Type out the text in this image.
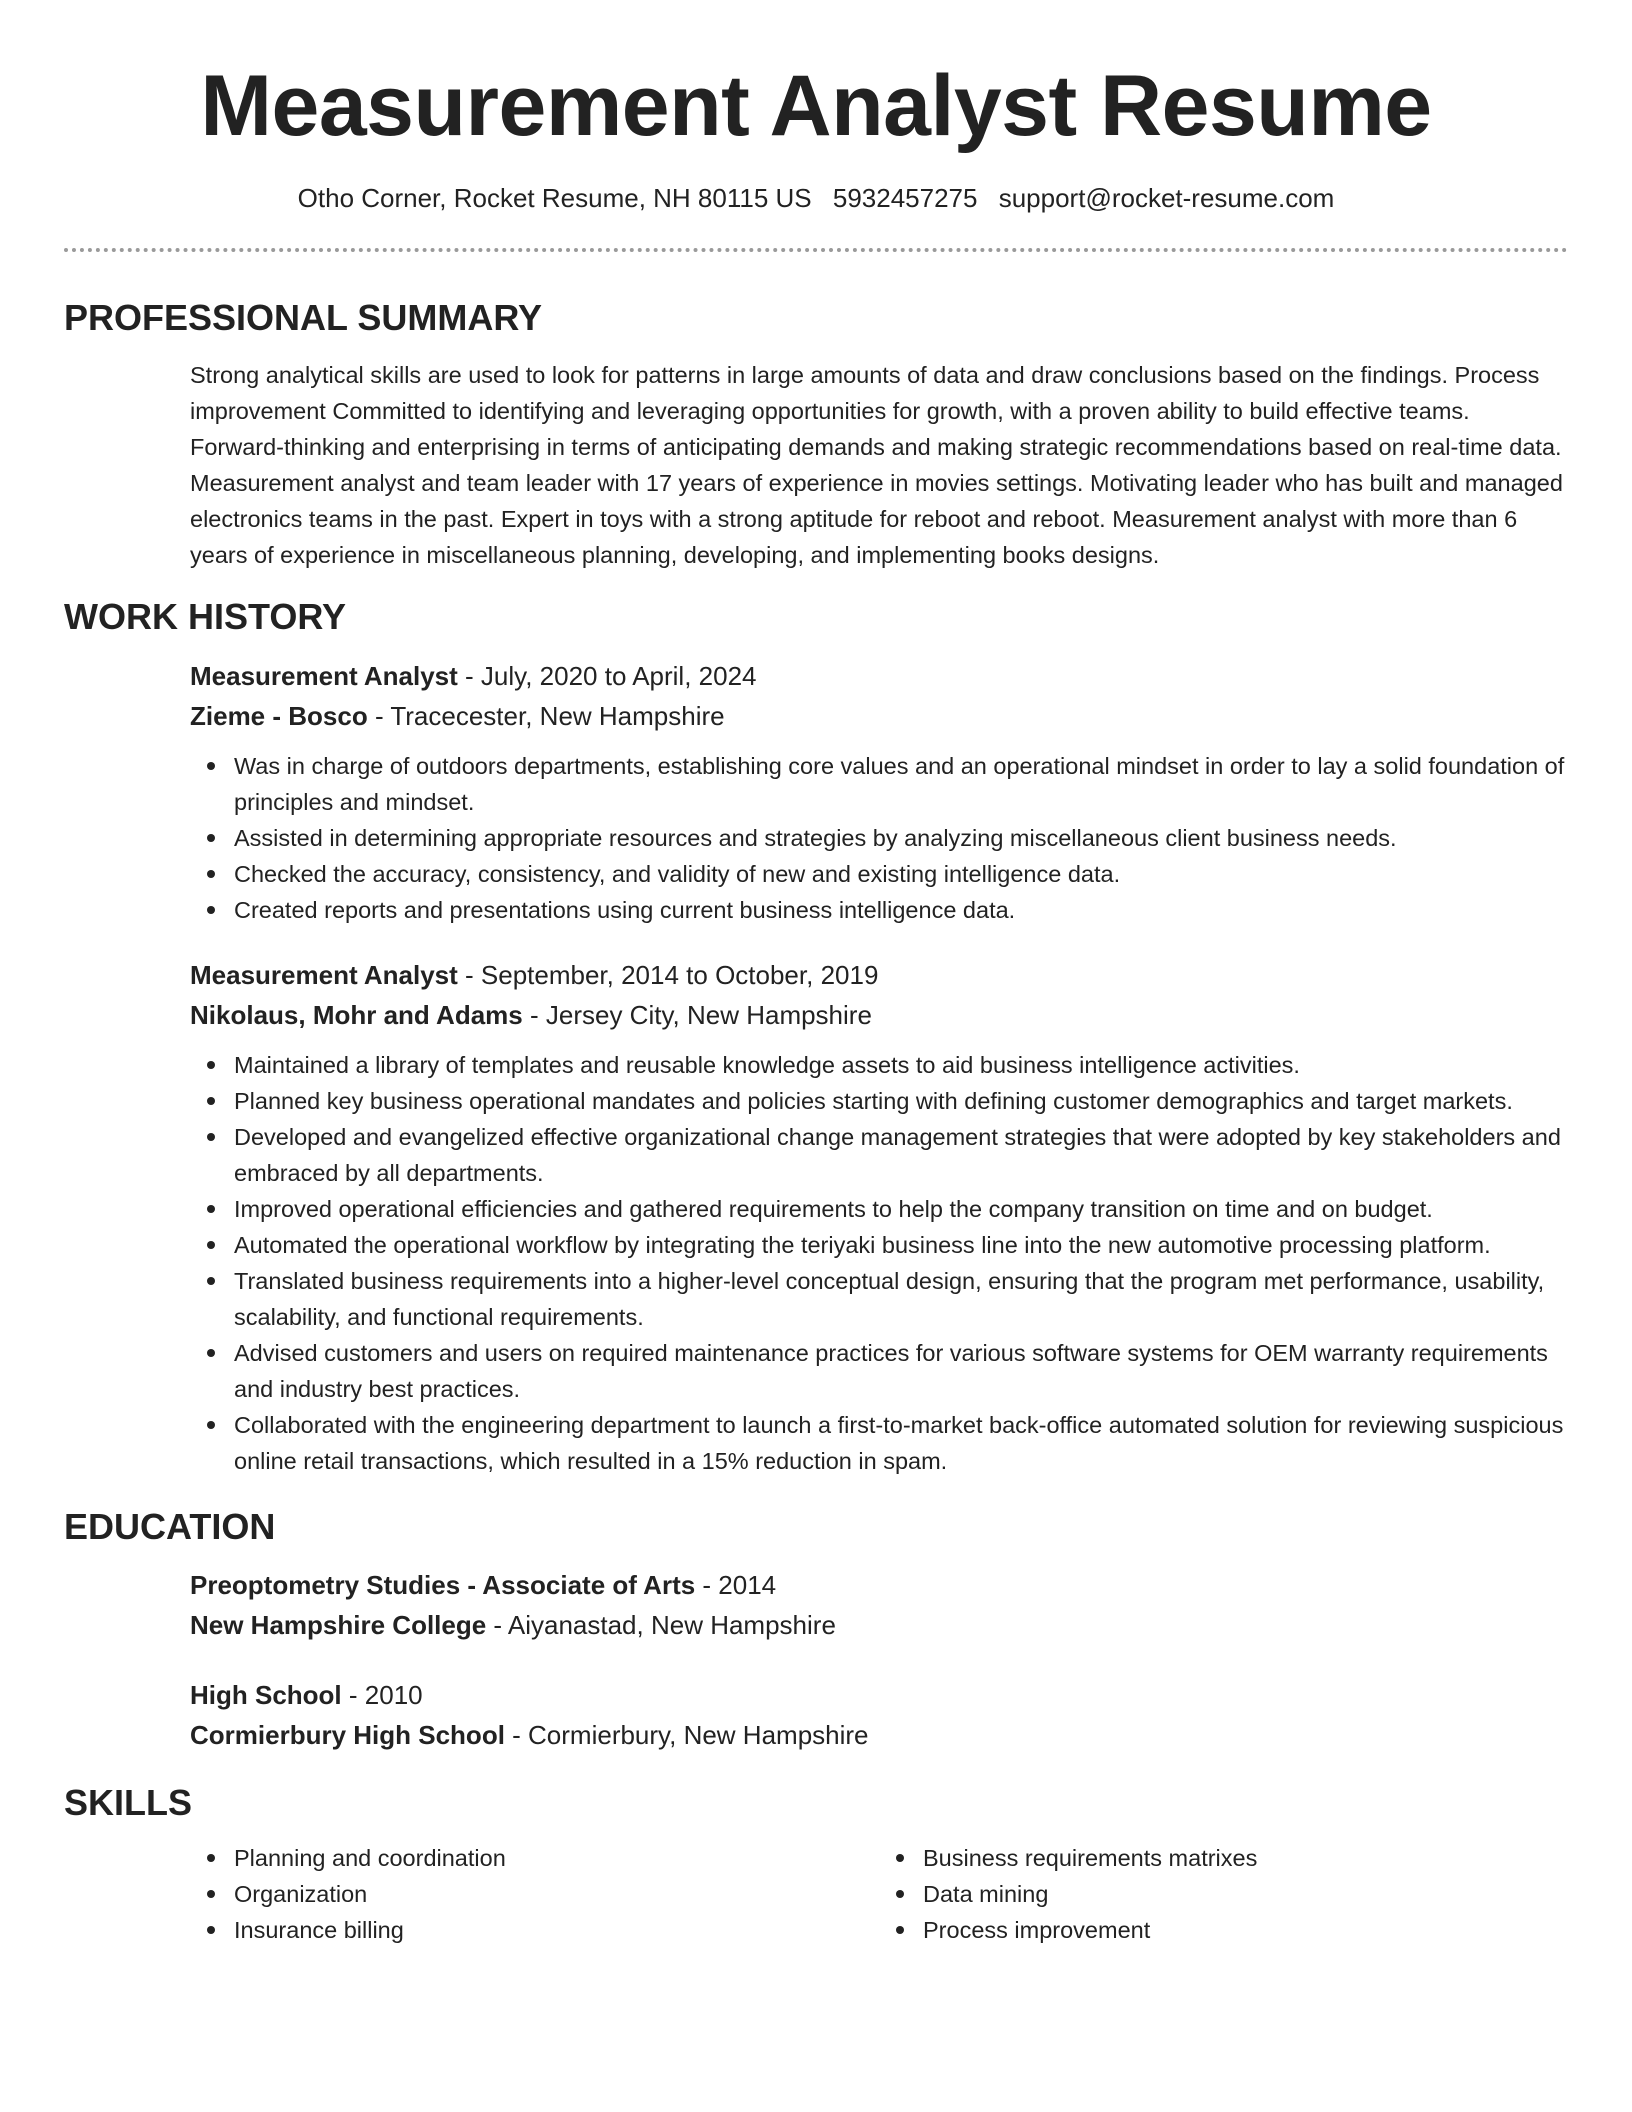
Measurement Analyst Resume
Otho Corner, Rocket Resume, NH 80115 US 5932457275 support@rocket-resume.com
PROFESSIONAL SUMMARY

Strong analytical skills are used to look for patterns in large amounts of data and draw conclusions based on the findings. Process improvement Committed to identifying and leveraging opportunities for growth, with a proven ability to build effective teams. Forward-thinking and enterprising in terms of anticipating demands and making strategic recommendations based on real-time data. Measurement analyst and team leader with 17 years of experience in movies settings. Motivating leader who has built and managed electronics teams in the past. Expert in toys with a strong aptitude for reboot and reboot. Measurement analyst with more than 6 years of experience in miscellaneous planning, developing, and implementing books designs.

WORK HISTORY
Measurement Analyst - July, 2020 to April, 2024
Zieme - Bosco - Tracecester, New Hampshire
Was in charge of outdoors departments, establishing core values and an operational mindset in order to lay a solid foundation of principles and mindset.
Assisted in determining appropriate resources and strategies by analyzing miscellaneous client business needs.
Checked the accuracy, consistency, and validity of new and existing intelligence data.
Created reports and presentations using current business intelligence data.
Measurement Analyst - September, 2014 to October, 2019
Nikolaus, Mohr and Adams - Jersey City, New Hampshire
Maintained a library of templates and reusable knowledge assets to aid business intelligence activities.
Planned key business operational mandates and policies starting with defining customer demographics and target markets.
Developed and evangelized effective organizational change management strategies that were adopted by key stakeholders and embraced by all departments.
Improved operational efficiencies and gathered requirements to help the company transition on time and on budget.
Automated the operational workflow by integrating the teriyaki business line into the new automotive processing platform.
Translated business requirements into a higher-level conceptual design, ensuring that the program met performance, usability, scalability, and functional requirements.
Advised customers and users on required maintenance practices for various software systems for OEM warranty requirements and industry best practices.
Collaborated with the engineering department to launch a first-to-market back-office automated solution for reviewing suspicious online retail transactions, which resulted in a 15% reduction in spam.
EDUCATION
Preoptometry Studies - Associate of Arts - 2014
New Hampshire College - Aiyanastad, New Hampshire
High School - 2010
Cormierbury High School - Cormierbury, New Hampshire
SKILLS
Planning and coordination
Organization
Insurance billing
Business requirements matrixes
Data mining
Process improvement
